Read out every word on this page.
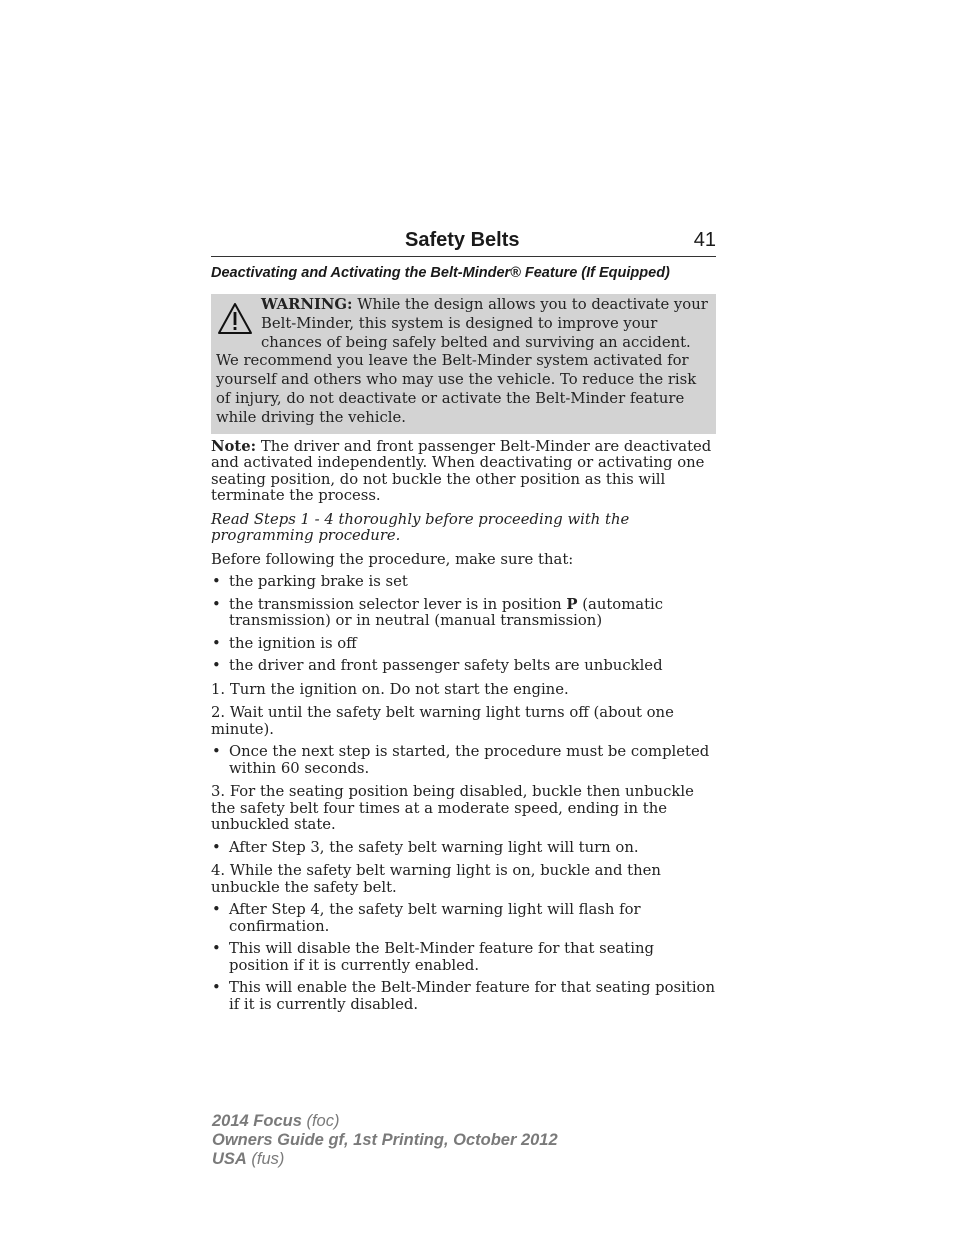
Safety Belts	41
Deactivating and Activating the Belt-Minder® Feature (If Equipped)
WARNING: While the design allows you to deactivate your Belt-Minder, this system is designed to improve your chances of being safely belted and surviving an accident. We recommend you leave the Belt-Minder system activated for yourself and others who may use the vehicle. To reduce the risk of injury, do not deactivate or activate the Belt-Minder feature while driving the vehicle.

Note: The driver and front passenger Belt-Minder are deactivated and activated independently. When deactivating or activating one seating position, do not buckle the other position as this will terminate the process.

Read Steps 1 - 4 thoroughly before proceeding with the programming procedure.

Before following the procedure, make sure that:

• the parking brake is set
• the transmission selector lever is in position P (automatic transmission) or in neutral (manual transmission)
• the ignition is off
• the driver and front passenger safety belts are unbuckled

1. Turn the ignition on. Do not start the engine.

2. Wait until the safety belt warning light turns off (about one minute).

• Once the next step is started, the procedure must be completed within 60 seconds.

3. For the seating position being disabled, buckle then unbuckle the safety belt four times at a moderate speed, ending in the unbuckled state.

• After Step 3, the safety belt warning light will turn on.

4. While the safety belt warning light is on, buckle and then unbuckle the safety belt.

• After Step 4, the safety belt warning light will flash for confirmation.
• This will disable the Belt-Minder feature for that seating position if it is currently enabled.
• This will enable the Belt-Minder feature for that seating position if it is currently disabled.
2014 Focus (foc)
Owners Guide gf, 1st Printing, October 2012
USA (fus)
